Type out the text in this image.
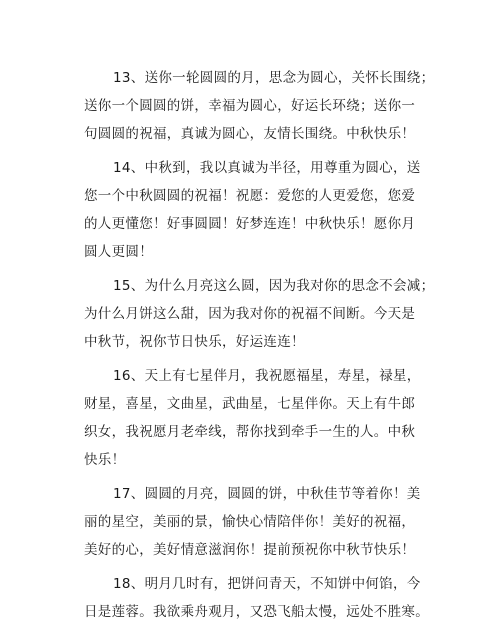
13、送你一轮圆圆的月，思念为圆心，关怀长围绕；
送你一个圆圆的饼，幸福为圆心，好运长环绕；送你一
句圆圆的祝福，真诚为圆心，友情长围绕。中秋快乐！

14、中秋到，我以真诚为半径，用尊重为圆心，送
您一个中秋圆圆的祝福！祝愿：爱您的人更爱您，您爱
的人更懂您！好事圆圆！好梦连连！中秋快乐！愿你月
圆人更圆！

15、为什么月亮这么圆，因为我对你的思念不会减；
为什么月饼这么甜，因为我对你的祝福不间断。今天是
中秋节，祝你节日快乐，好运连连！

16、天上有七星伴月，我祝愿福星，寿星，禄星，
财星，喜星，文曲星，武曲星，七星伴你。天上有牛郎
织女，我祝愿月老牵线，帮你找到牵手一生的人。中秋
快乐！

17、圆圆的月亮，圆圆的饼，中秋佳节等着你！美
丽的星空，美丽的景，愉快心情陪伴你！美好的祝福，
美好的心，美好情意滋润你！提前预祝你中秋节快乐！

18、明月几时有，把饼问青天，不知饼中何馅，今
日是莲蓉。我欲乘舟观月，又恐飞船太慢，远处不胜寒。
